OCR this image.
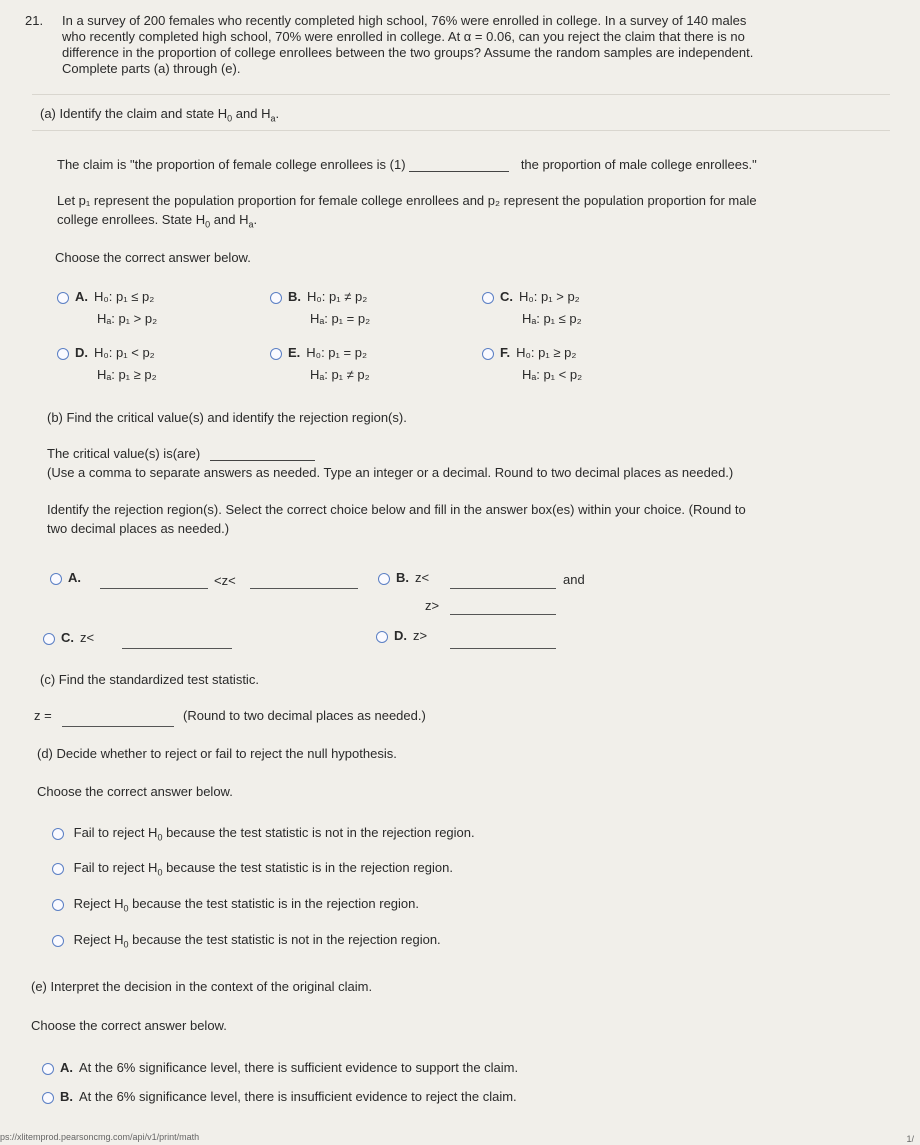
21. In a survey of 200 females who recently completed high school, 76% were enrolled in college. In a survey of 140 males
who recently completed high school, 70% were enrolled in college. At α = 0.06, can you reject the claim that there is no
difference in the proportion of college enrollees between the two groups? Assume the random samples are independent.
Complete parts (a) through (e).
(a) Identify the claim and state $H_0$ and $H_a$.
The claim is "the proportion of female college enrollees is (1)	the proportion of male college enrollees."
Let p₁ represent the population proportion for female college enrollees and p₂ represent the population proportion for male
college enrollees. State $H_0$ and $H_a$.
Choose the correct answer below.
A. H₀: p₁ ≤ p₂
Hₐ: p₁ > p₂
B. H₀: p₁ ≠ p₂
Hₐ: p₁ = p₂
C. H₀: p₁ > p₂
Hₐ: p₁ ≤ p₂
D. H₀: p₁ < p₂
Hₐ: p₁ ≥ p₂
E. H₀: p₁ = p₂
Hₐ: p₁ ≠ p₂
F. H₀: p₁ ≥ p₂
Hₐ: p₁ < p₂
(b) Find the critical value(s) and identify the rejection region(s).
The critical value(s) is(are)
(Use a comma to separate answers as needed. Type an integer or a decimal. Round to two decimal places as needed.)
Identify the rejection region(s). Select the correct choice below and fill in the answer box(es) within your choice. (Round to
two decimal places as needed.)
A.	<z<	B. z<	and
z>
C. z<	D. z>
(c) Find the standardized test statistic.
z =	(Round to two decimal places as needed.)
(d) Decide whether to reject or fail to reject the null hypothesis.
Choose the correct answer below.
Fail to reject $H_0$ because the test statistic is not in the rejection region.
Fail to reject $H_0$ because the test statistic is in the rejection region.
Reject $H_0$ because the test statistic is in the rejection region.
Reject $H_0$ because the test statistic is not in the rejection region.
(e) Interpret the decision in the context of the original claim.
Choose the correct answer below.
A. At the 6% significance level, there is sufficient evidence to support the claim.
B. At the 6% significance level, there is insufficient evidence to reject the claim.
ps://xlitemprod.pearsoncmg.com/api/v1/print/math	1/
